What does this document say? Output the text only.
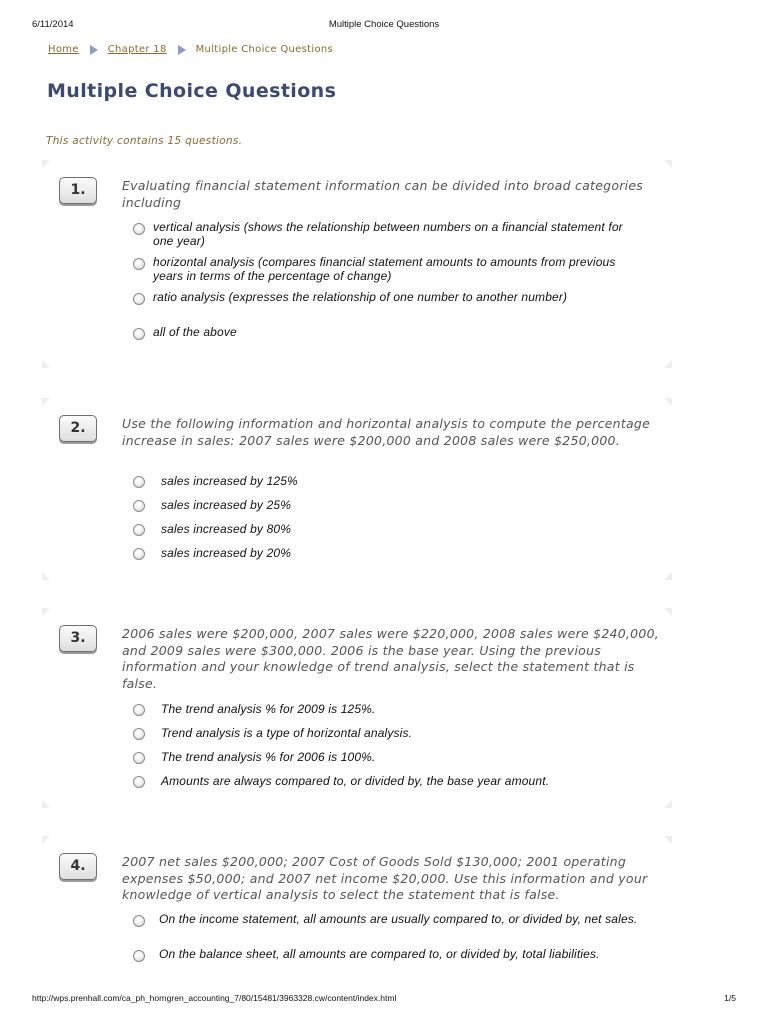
6/11/2014	Multiple Choice Questions
Home	Chapter 18	Multiple Choice Questions
Multiple Choice Questions

This activity contains 15 questions.

1.	Evaluating financial statement information can be divided into broad categories including
vertical analysis (shows the relationship between numbers on a financial statement for one year)
horizontal analysis (compares financial statement amounts to amounts from previous years in terms of the percentage of change)
ratio analysis (expresses the relationship of one number to another number)
all of the above
2.	Use the following information and horizontal analysis to compute the percentage increase in sales: 2007 sales were $200,000 and 2008 sales were $250,000.
sales increased by 125%
sales increased by 25%
sales increased by 80%
sales increased by 20%
3.	2006 sales were $200,000, 2007 sales were $220,000, 2008 sales were $240,000, and 2009 sales were $300,000. 2006 is the base year. Using the previous information and your knowledge of trend analysis, select the statement that is false.
The trend analysis % for 2009 is 125%.
Trend analysis is a type of horizontal analysis.
The trend analysis % for 2006 is 100%.
Amounts are always compared to, or divided by, the base year amount.
4.	2007 net sales $200,000; 2007 Cost of Goods Sold $130,000; 2001 operating expenses $50,000; and 2007 net income $20,000. Use this information and your knowledge of vertical analysis to select the statement that is false.
On the income statement, all amounts are usually compared to, or divided by, net sales.
On the balance sheet, all amounts are compared to, or divided by, total liabilities.
http://wps.prenhall.com/ca_ph_horngren_accounting_7/80/15481/3963328.cw/content/index.html	1/5
